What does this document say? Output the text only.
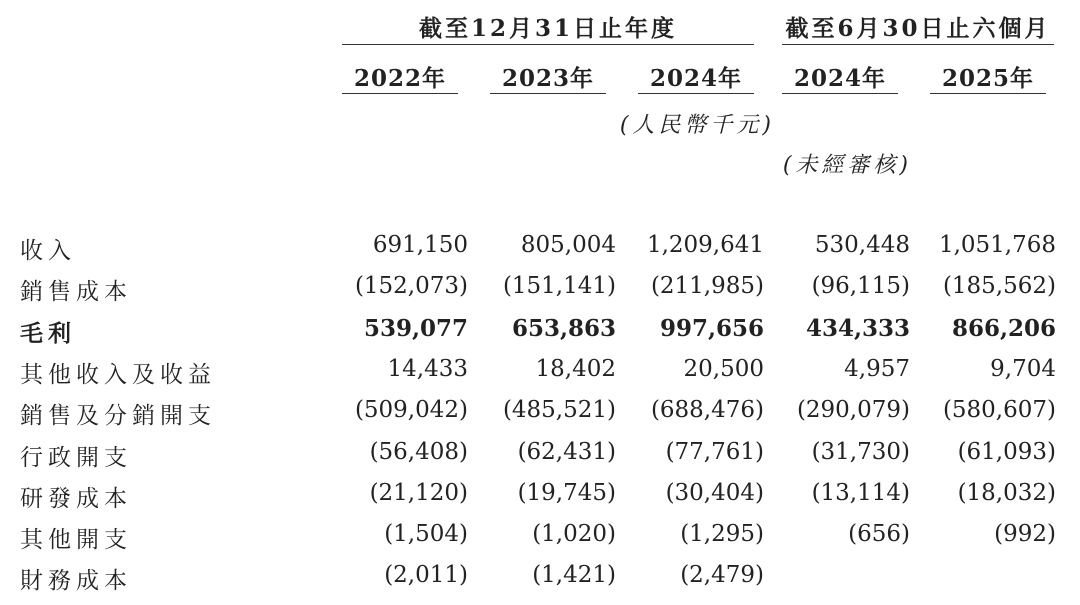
截至12月31日止年度	截至6月30日止六個月
2022年	2023年	2024年	2024年	2025年
(人民幣千元)
(未經審核)
收入	691,150	805,004	1,209,641	530,448	1,051,768
銷售成本	(152,073)	(151,141)	(211,985)	(96,115)	(185,562)
毛利	539,077	653,863	997,656	434,333	866,206
其他收入及收益	14,433	18,402	20,500	4,957	9,704
銷售及分銷開支	(509,042)	(485,521)	(688,476)	(290,079)	(580,607)
行政開支	(56,408)	(62,431)	(77,761)	(31,730)	(61,093)
研發成本	(21,120)	(19,745)	(30,404)	(13,114)	(18,032)
其他開支	(1,504)	(1,020)	(1,295)	(656)	(992)
財務成本	(2,011)	(1,421)	(2,479)
